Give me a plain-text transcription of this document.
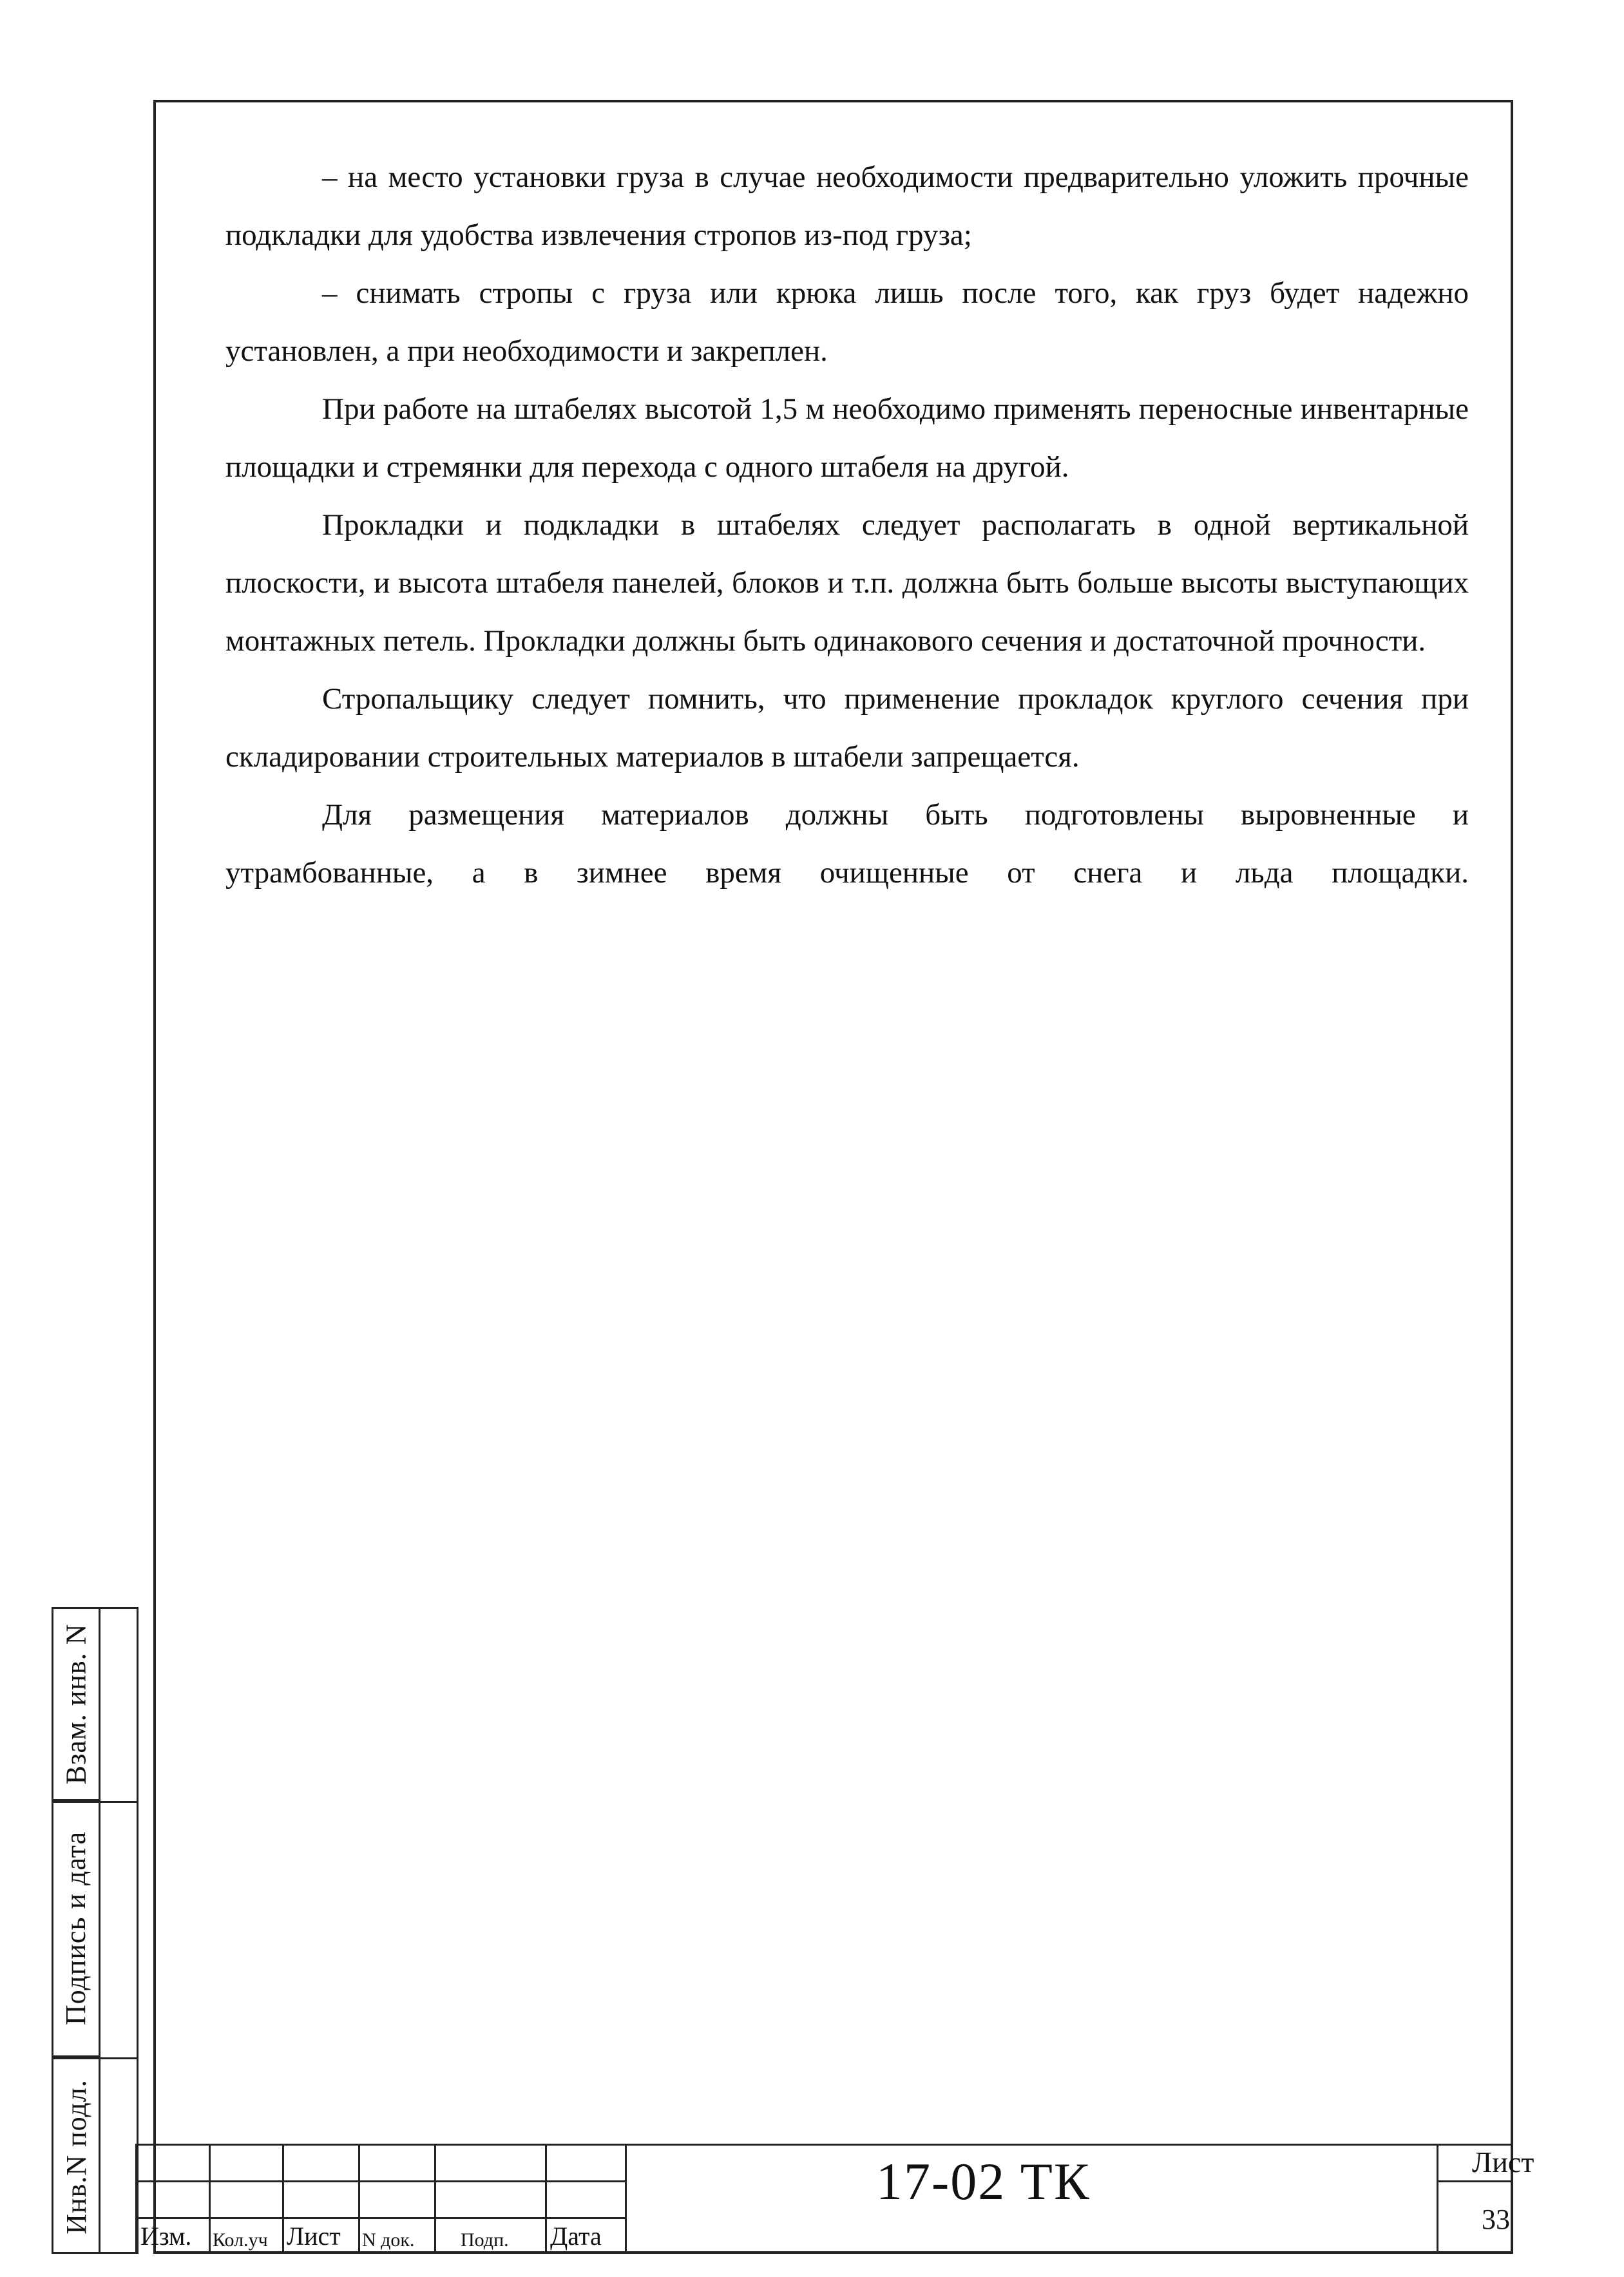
– на место установки груза в случае необходимости предварительно уложить прочные подкладки для удобства извлечения стропов из-под груза;

– снимать стропы с груза или крюка лишь после того, как груз будет надежно установлен, а при необходимости и закреплен.

При работе на штабелях высотой 1,5 м необходимо применять переносные инвентарные площадки и стремянки для перехода с одного штабеля на другой.

Прокладки и подкладки в штабелях следует располагать в одной вертикальной плоскости, и высота штабеля панелей, блоков и т.п. должна быть больше высоты выступающих монтажных петель. Прокладки должны быть одинакового сечения и достаточной прочности.

Стропальщику следует помнить, что применение прокладок круглого сечения при складировании строительных материалов в штабели запрещается.

Для размещения материалов должны быть подготовлены выровненные и утрамбованные, а в зимнее время очищенные от снега и льда площадки.

Взам. инв. N
Подпись и дата
Инв.N подл.
Изм. Кол.уч Лист N док. Подп. Дата
17-02 ТК	Лист
33
